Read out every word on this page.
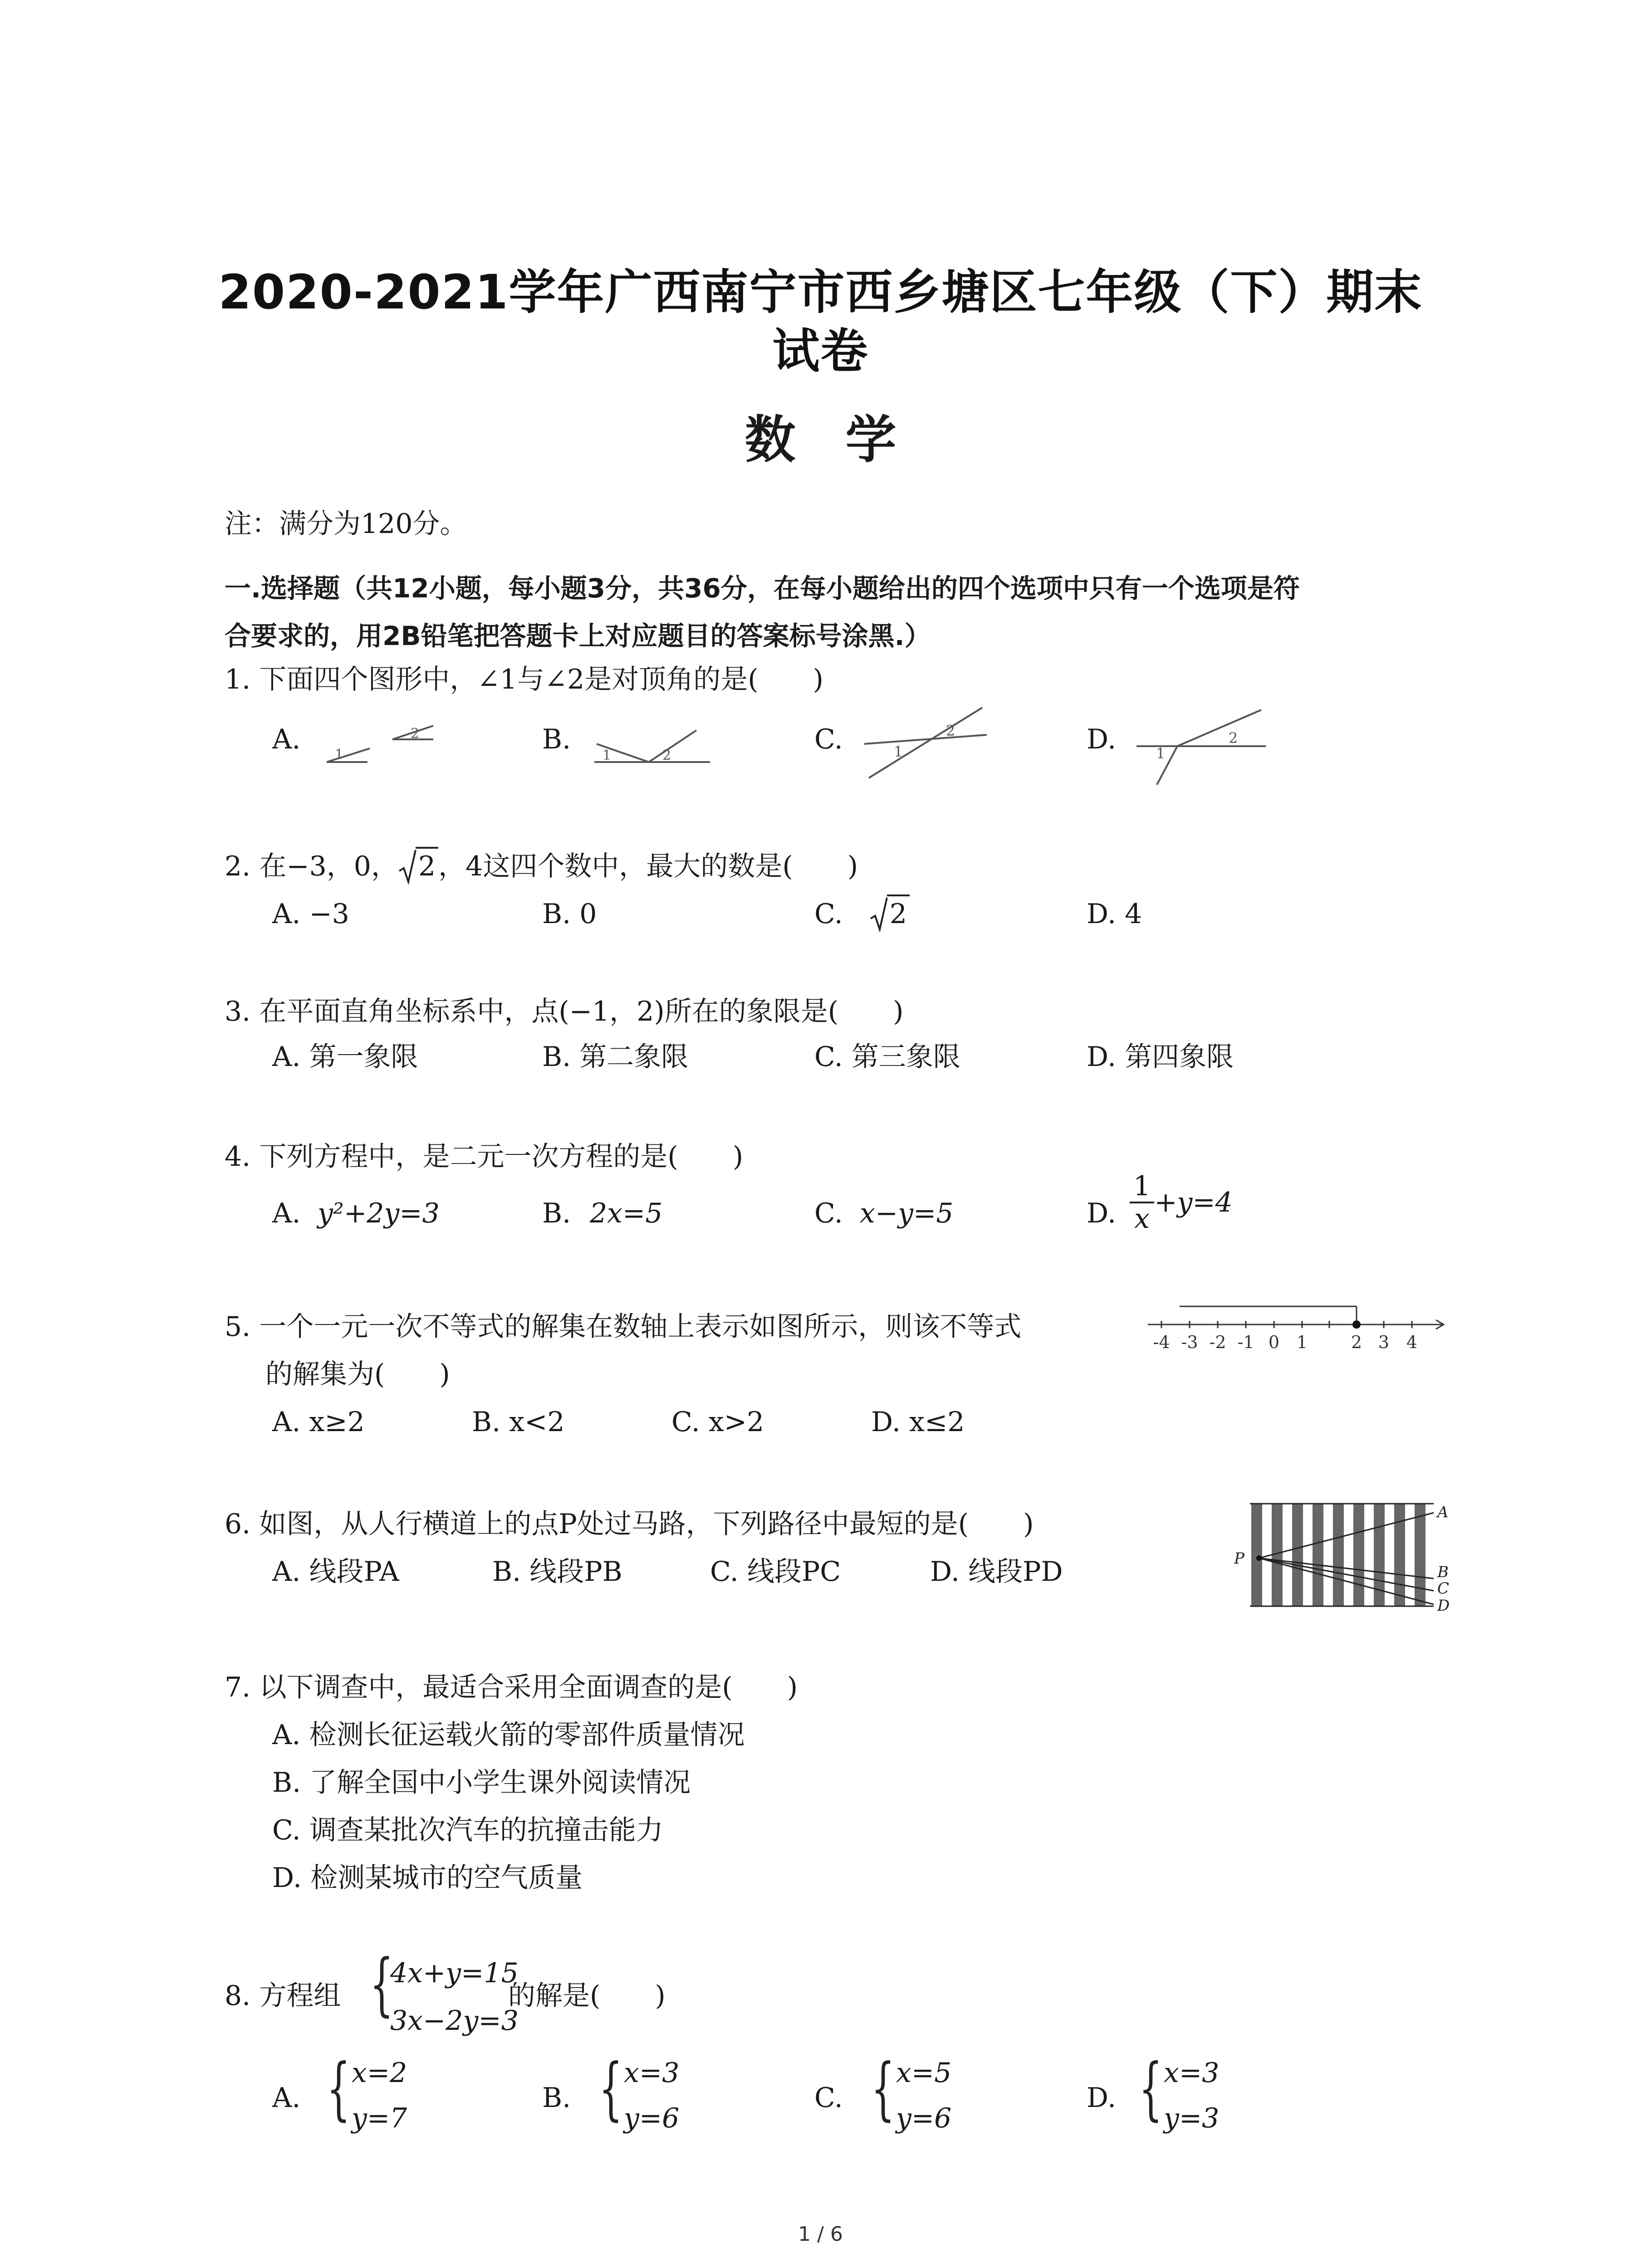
2020-2021学年广西南宁市西乡塘区七年级（下）期末
试卷
数学
注：满分为120分。
一.选择题（共12小题，每小题3分，共36分，在每小题给出的四个选项中只有一个选项是符
合要求的，用2B铅笔把答题卡上对应题目的答案标号涂黑.）
1. 下面四个图形中，∠1与∠2是对顶角的是(　　)
A.	B.	C.	D.
1
2
1	2	1
2
1
2
2. 在−3，0， 2 ，4这四个数中，最大的数是(　　)
A. −3	B. 0	C. 2	D. 4
3. 在平面直角坐标系中，点(−1，2)所在的象限是(　　)
A. 第一象限	B. 第二象限	C. 第三象限	D. 第四象限
4. 下列方程中，是二元一次方程的是(　　)
A. y²+2y=3	B. 2x=5	C. x−y=5	D. $\frac{1}{x} +y=4$
5. 一个一元一次不等式的解集在数轴上表示如图所示，则该不等式
的解集为(　　)
A. x≥2	B. x<2	C. x>2	D. x≤2
-4 -3 -2 -1 0 1	2 3 4
6. 如图，从人行横道上的点P处过马路，下列路径中最短的是(　　)
A. 线段PA	B. 线段PB	C. 线段PC	D. 线段PD	P
A
B
C
D
7. 以下调查中，最适合采用全面调查的是(　　)
A. 检测长征运载火箭的零部件质量情况
B. 了解全国中小学生课外阅读情况
C. 调查某批次汽车的抗撞击能力
D. 检测某城市的空气质量
8. 方程组 {
4x+y=15
3x−2y=3
的解是(　　)
A. { x=2
y=7
B. { x=3
y=6
C. { x=5
y=6
D. { x=3
y=3
1 / 6
